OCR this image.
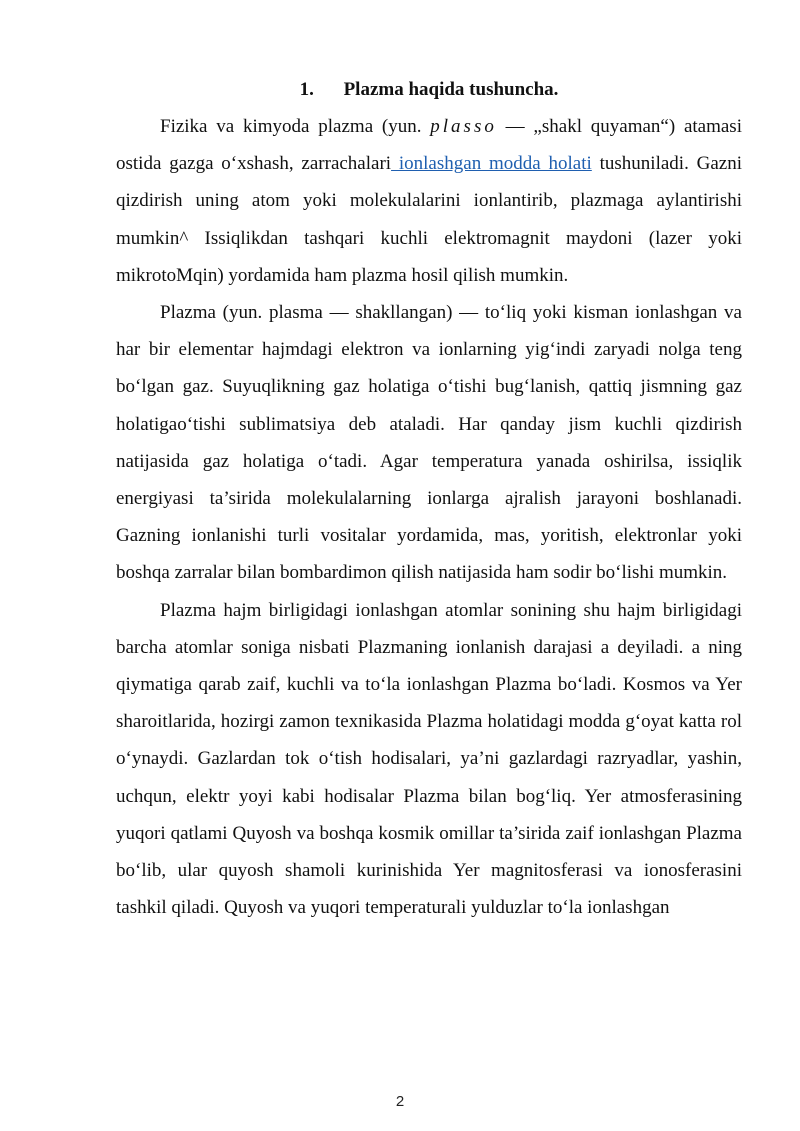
1. Plazma haqida tushuncha.

Fizika va kimyoda plazma (yun. plasso — „shakl quyaman“) atamasi ostida gazga o‘xshash, zarrachalari ionlashgan modda holati tushuniladi. Gazni qizdirish uning atom yoki molekulalarini ionlantirib, plazmaga aylantirishi mumkin^ Issiqlikdan tashqari kuchli elektromagnit maydoni (lazer yoki mikrotoMqin) yordamida ham plazma hosil qilish mumkin.

Plazma (yun. plasma — shakllangan) — to‘liq yoki kisman ionlashgan va har bir elementar hajmdagi elektron va ionlarning yig‘indi zaryadi nolga teng bo‘lgan gaz. Suyuqlikning gaz holatiga o‘tishi bug‘lanish, qattiq jismning gaz holatigao‘tishi sublimatsiya deb ataladi. Har qanday jism kuchli qizdirish natijasida gaz holatiga o‘tadi. Agar temperatura yanada oshirilsa, issiqlik energiyasi ta’sirida molekulalarning ionlarga ajralish jarayoni boshlanadi. Gazning ionlanishi turli vositalar yordamida, mas, yoritish, elektronlar yoki boshqa zarralar bilan bombardimon qilish natijasida ham sodir bo‘lishi mumkin.

Plazma hajm birligidagi ionlashgan atomlar sonining shu hajm birligidagi barcha atomlar soniga nisbati Plazmaning ionlanish darajasi a deyiladi. a ning qiymatiga qarab zaif, kuchli va to‘la ionlashgan Plazma bo‘ladi. Kosmos va Yer sharoitlarida, hozirgi zamon texnikasida Plazma holatidagi modda g‘oyat katta rol o‘ynaydi. Gazlardan tok o‘tish hodisalari, ya’ni gazlardagi razryadlar, yashin, uchqun, elektr yoyi kabi hodisalar Plazma bilan bog‘liq. Yer atmosferasining yuqori qatlami Quyosh va boshqa kosmik omillar ta’sirida zaif ionlashgan Plazma bo‘lib, ular quyosh shamoli kurinishida Yer magnitosferasi va ionosferasini tashkil qiladi. Quyosh va yuqori temperaturali yulduzlar to‘la ionlashgan

2
